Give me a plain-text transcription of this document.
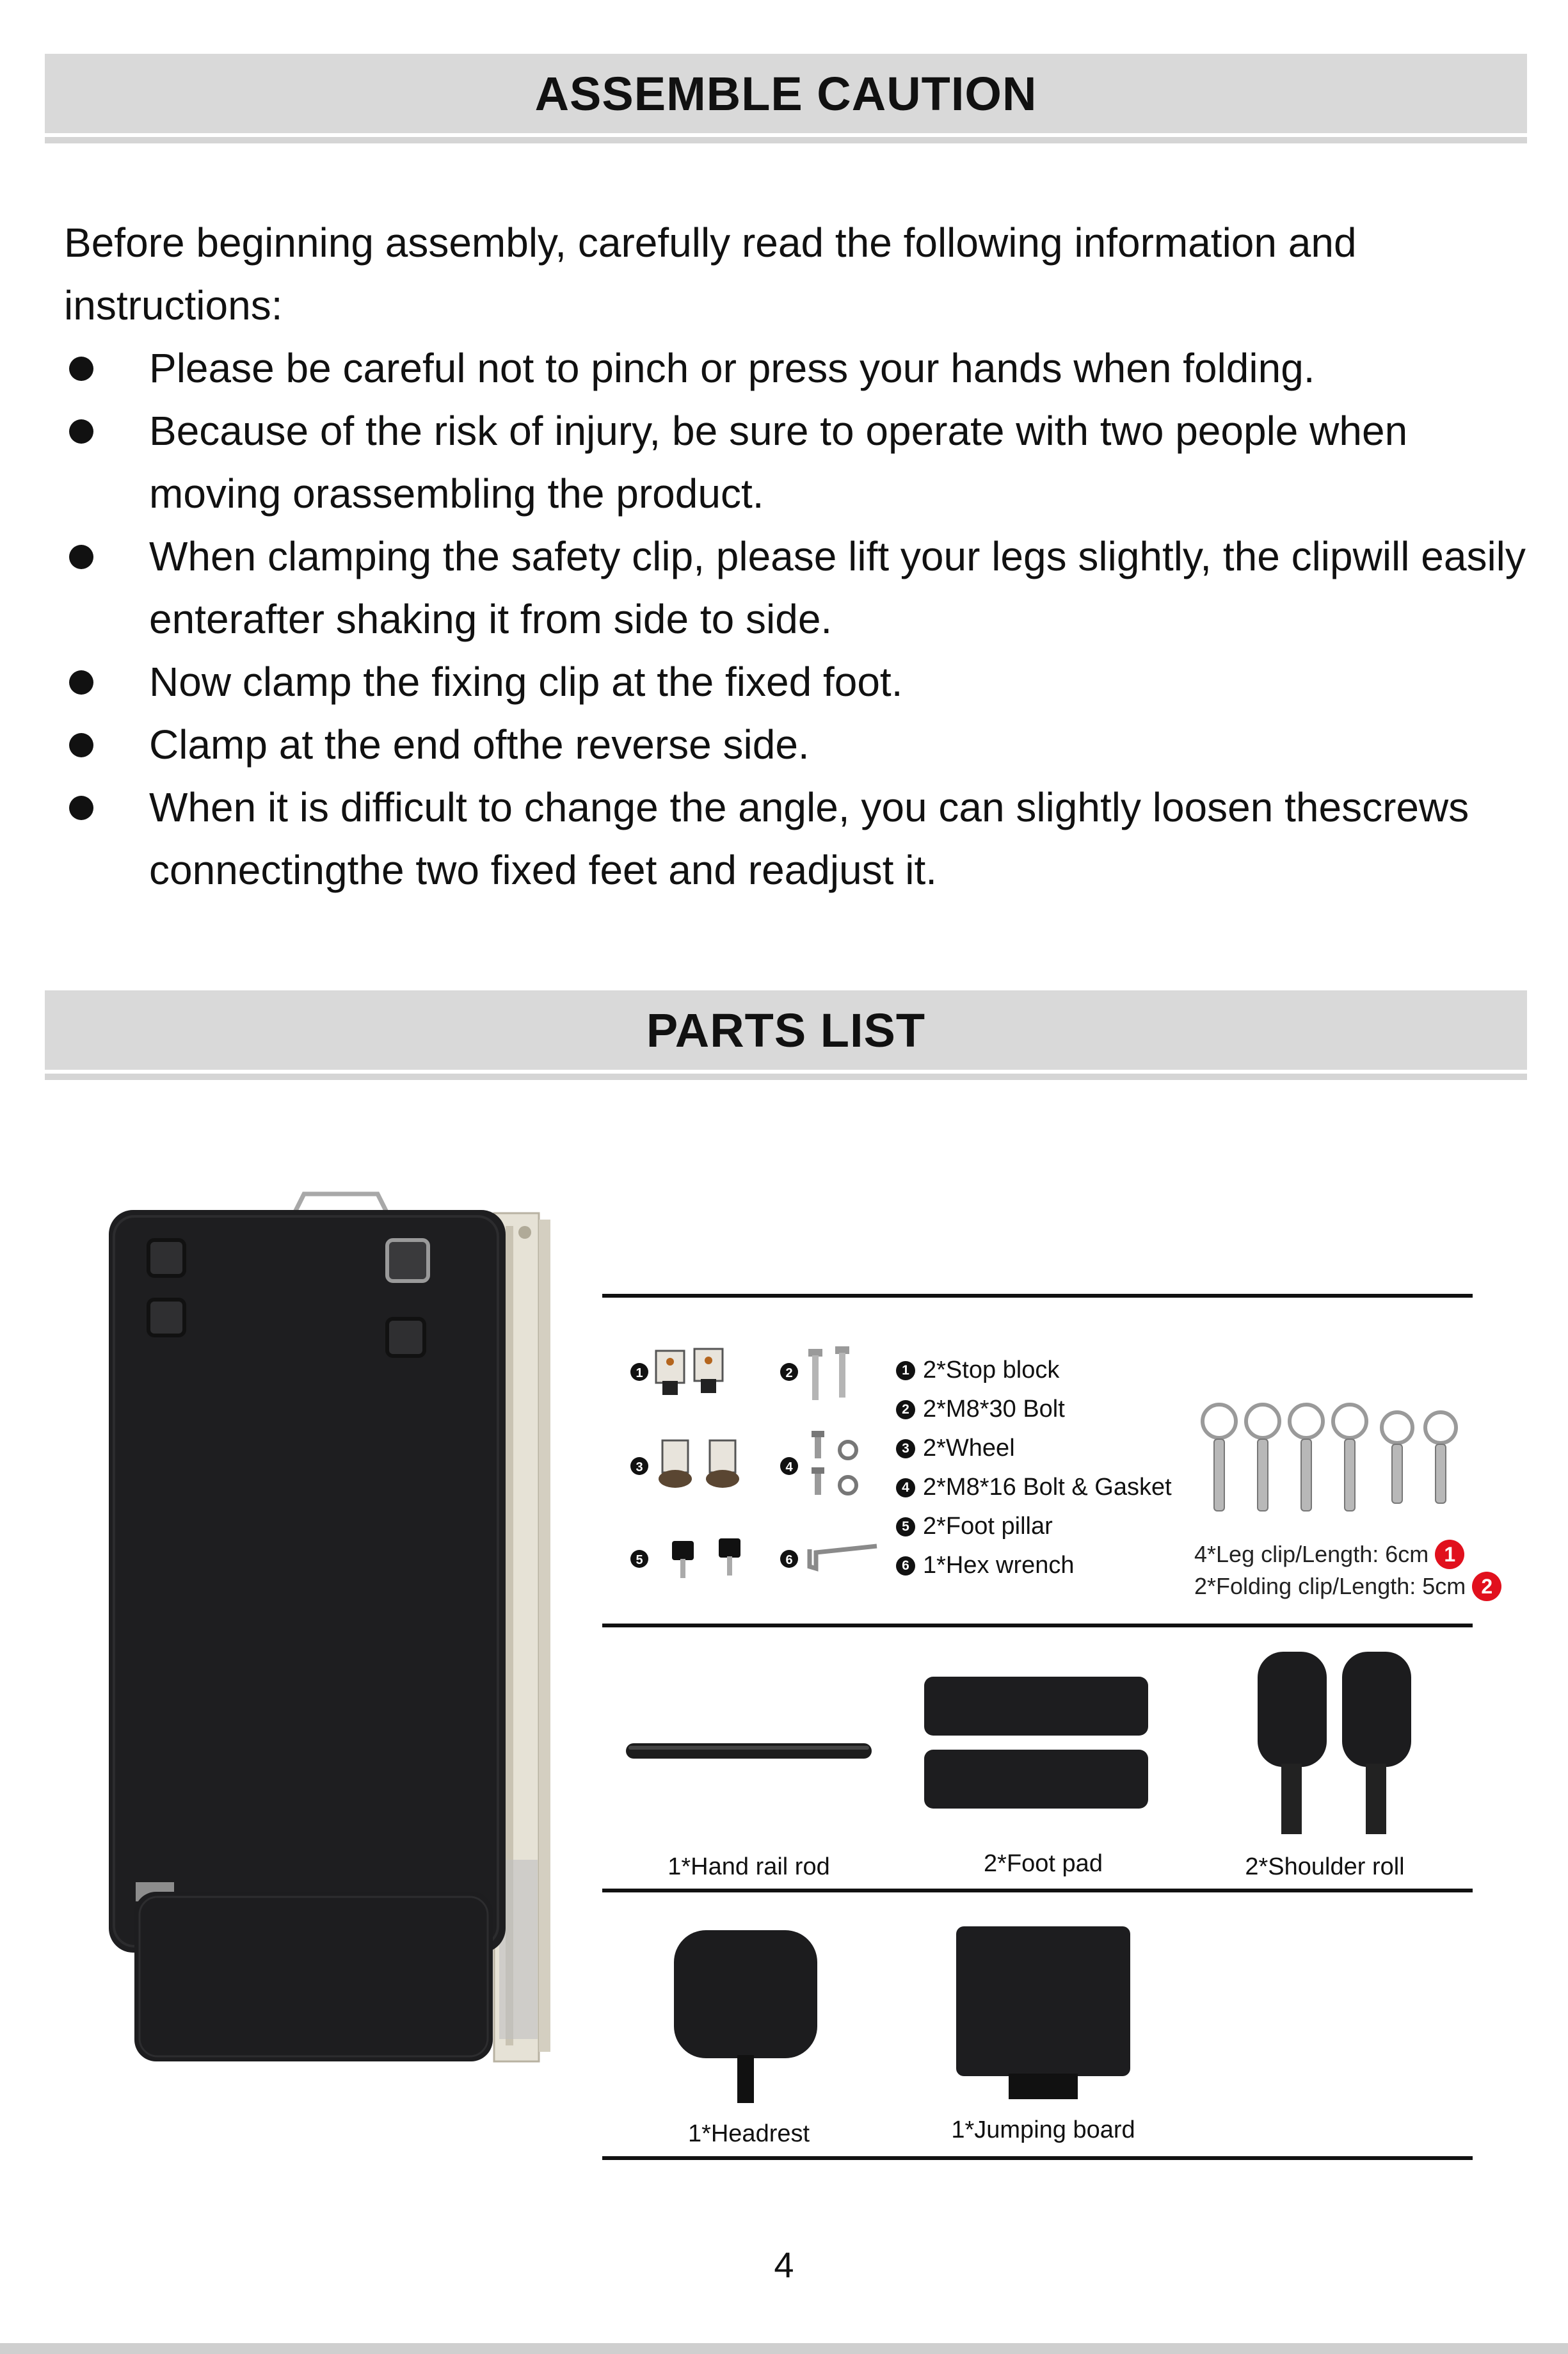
ASSEMBLE CAUTION
Before beginning assembly, carefully read the following information and instructions:
Please be careful not to pinch or press your hands when folding.
Because of the risk of injury, be sure to operate with two people when moving orassembling the product.
When clamping the safety clip, please lift your legs slightly, the clipwill easily enterafter shaking it from side to side.
Now clamp the fixing clip at the fixed foot.
Clamp at the end ofthe reverse side.
When it is difficult to change the angle, you can slightly loosen thescrews connectingthe two fixed feet and readjust it.
PARTS LIST
1	2
3	4
5	6
1 2*Stop block
2 2*M8*30 Bolt
3 2*Wheel
4 2*M8*16 Bolt & Gasket
5 2*Foot pillar
6 1*Hex wrench	4*Leg clip/Length: 6cm 1
2*Folding clip/Length: 5cm 2
1*Hand rail rod	2*Foot pad	2*Shoulder roll
1*Headrest	1*Jumping board
4
